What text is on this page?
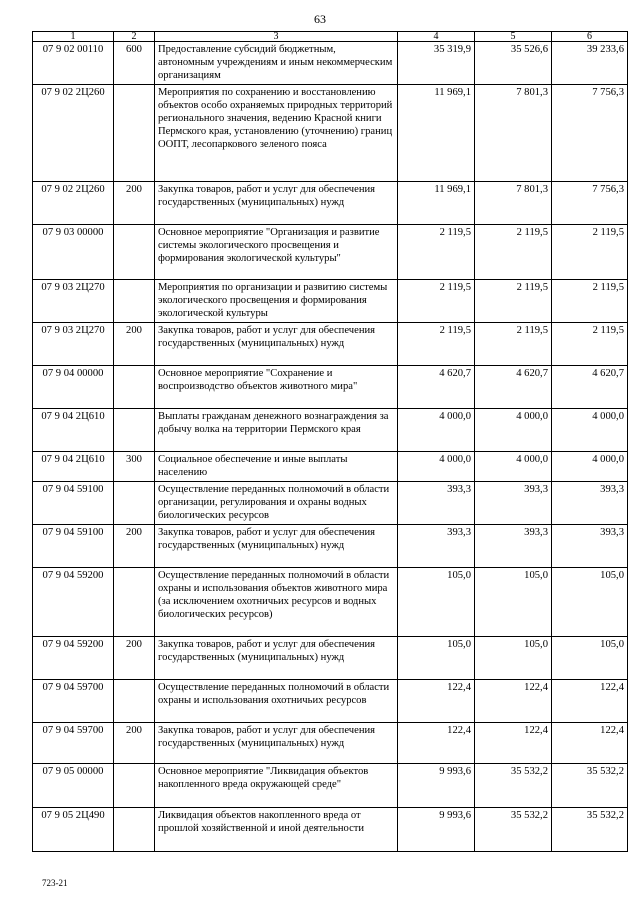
63
1	2	3	4	5	6
07 9 02 00110	600	Предоставление субсидий бюджетным, автономным учреждениям и иным некоммерческим организациям	35 319,9	35 526,6	39 233,6
07 9 02 2Ц260		Мероприятия по сохранению и восстановлению объектов особо охраняемых природных территорий регионального значения, ведению Красной книги Пермского края, установлению (уточнению) границ ООПТ, лесопаркового зеленого пояса	11 969,1	7 801,3	7 756,3
07 9 02 2Ц260	200	Закупка товаров, работ и услуг для обеспечения государственных (муниципальных) нужд	11 969,1	7 801,3	7 756,3
07 9 03 00000		Основное мероприятие "Организация и развитие системы экологического просвещения и формирования экологической культуры"	2 119,5	2 119,5	2 119,5
07 9 03 2Ц270		Мероприятия по организации и развитию системы экологического просвещения и формирования экологической культуры	2 119,5	2 119,5	2 119,5
07 9 03 2Ц270	200	Закупка товаров, работ и услуг для обеспечения государственных (муниципальных) нужд	2 119,5	2 119,5	2 119,5
07 9 04 00000		Основное мероприятие "Сохранение и воспроизводство объектов животного мира"	4 620,7	4 620,7	4 620,7
07 9 04 2Ц610		Выплаты гражданам денежного вознаграждения за добычу волка на территории Пермского края	4 000,0	4 000,0	4 000,0
07 9 04 2Ц610	300	Социальное обеспечение и иные выплаты населению	4 000,0	4 000,0	4 000,0
07 9 04 59100		Осуществление переданных полномочий в области организации, регулирования и охраны водных биологических ресурсов	393,3	393,3	393,3
07 9 04 59100	200	Закупка товаров, работ и услуг для обеспечения государственных (муниципальных) нужд	393,3	393,3	393,3
07 9 04 59200		Осуществление переданных полномочий в области охраны и использования объектов животного мира (за исключением охотничьих ресурсов и водных биологических ресурсов)	105,0	105,0	105,0
07 9 04 59200	200	Закупка товаров, работ и услуг для обеспечения государственных (муниципальных) нужд	105,0	105,0	105,0
07 9 04 59700		Осуществление переданных полномочий в области охраны и использования охотничьих ресурсов	122,4	122,4	122,4
07 9 04 59700	200	Закупка товаров, работ и услуг для обеспечения государственных (муниципальных) нужд	122,4	122,4	122,4
07 9 05 00000		Основное мероприятие "Ликвидация объектов накопленного вреда окружающей среде"	9 993,6	35 532,2	35 532,2
07 9 05 2Ц490		Ликвидация объектов накопленного вреда от прошлой хозяйственной и иной деятельности	9 993,6	35 532,2	35 532,2
723-21
